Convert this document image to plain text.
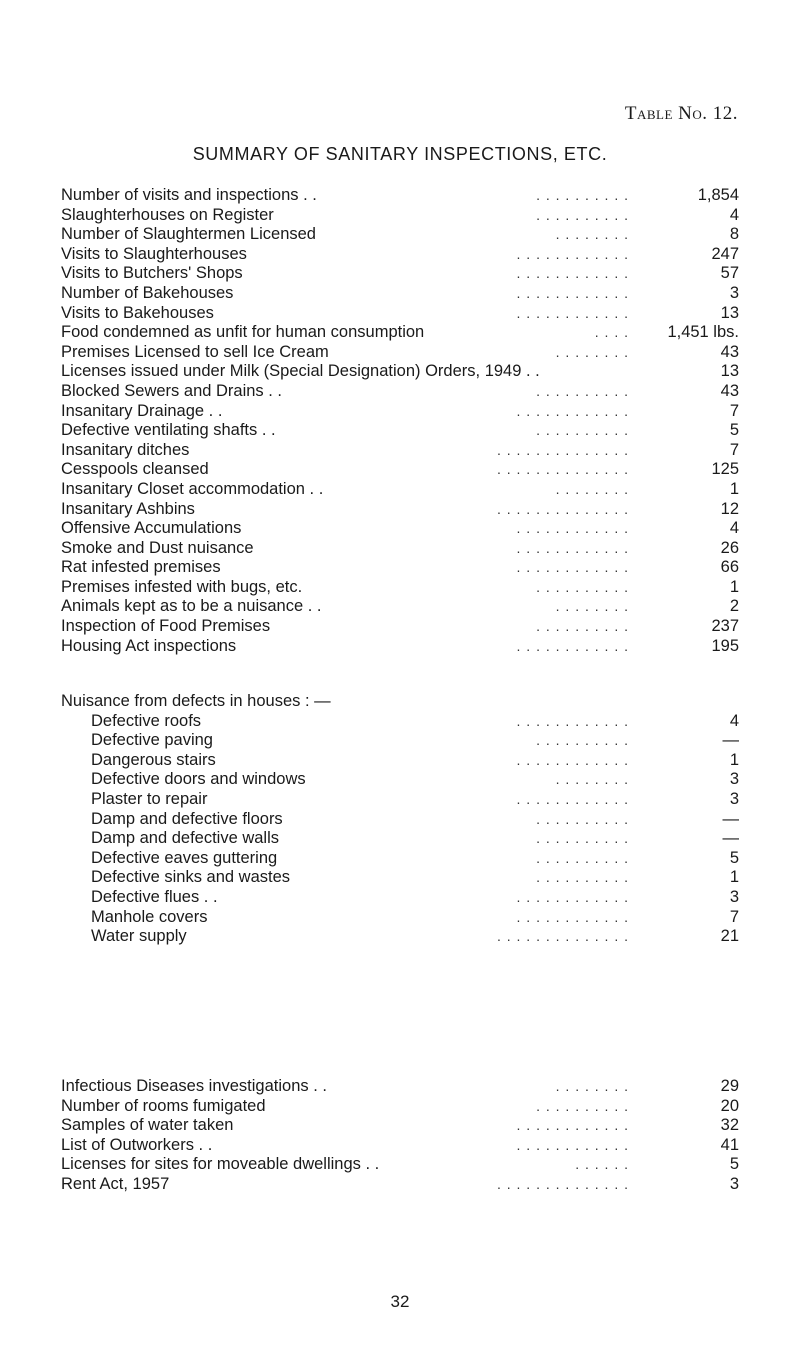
Table No. 12.
SUMMARY OF SANITARY INSPECTIONS, ETC.
Number of visits and inspections . .	. . . . . . . . . .	1,854
Slaughterhouses on Register	. . . . . . . . . .	4
Number of Slaughtermen Licensed	. . . . . . . .	8
Visits to Slaughterhouses	. . . . . . . . . . . .	247
Visits to Butchers' Shops	. . . . . . . . . . . .	57
Number of Bakehouses	. . . . . . . . . . . .	3
Visits to Bakehouses	. . . . . . . . . . . .	13
Food condemned as unfit for human consumption	. . . . 1,451 lbs.
Premises Licensed to sell Ice Cream	. . . . . . . .	43
Licenses issued under Milk (Special Designation) Orders, 1949 . .	13
Blocked Sewers and Drains . .	. . . . . . . . . .	43
Insanitary Drainage . .	. . . . . . . . . . . .	7
Defective ventilating shafts . .	. . . . . . . . . .	5
Insanitary ditches	. . . . . . . . . . . . . .	7
Cesspools cleansed	. . . . . . . . . . . . . .	125
Insanitary Closet accommodation . .	. . . . . . . .	1
Insanitary Ashbins	. . . . . . . . . . . . . .	12
Offensive Accumulations	. . . . . . . . . . . .	4
Smoke and Dust nuisance	. . . . . . . . . . . .	26
Rat infested premises	. . . . . . . . . . . .	66
Premises infested with bugs, etc.	. . . . . . . . . .	1
Animals kept as to be a nuisance . .	. . . . . . . .	2
Inspection of Food Premises	. . . . . . . . . .	237
Housing Act inspections	. . . . . . . . . . . .	195
Nuisance from defects in houses : —
Defective roofs	. . . . . . . . . . . .	4
Defective paving	. . . . . . . . . .	—
Dangerous stairs	. . . . . . . . . . . .	1
Defective doors and windows	. . . . . . . .	3
Plaster to repair	. . . . . . . . . . . .	3
Damp and defective floors	. . . . . . . . . .	—
Damp and defective walls	. . . . . . . . . .	—
Defective eaves guttering	. . . . . . . . . .	5
Defective sinks and wastes	. . . . . . . . . .	1
Defective flues . .	. . . . . . . . . . . .	3
Manhole covers	. . . . . . . . . . . .	7
Water supply	. . . . . . . . . . . . . .	21
Infectious Diseases investigations . .	. . . . . . . .	29
Number of rooms fumigated	. . . . . . . . . .	20
Samples of water taken	. . . . . . . . . . . .	32
List of Outworkers . .	. . . . . . . . . . . .	41
Licenses for sites for moveable dwellings . .	. . . . . .	5
Rent Act, 1957	. . . . . . . . . . . . . .	3
32
